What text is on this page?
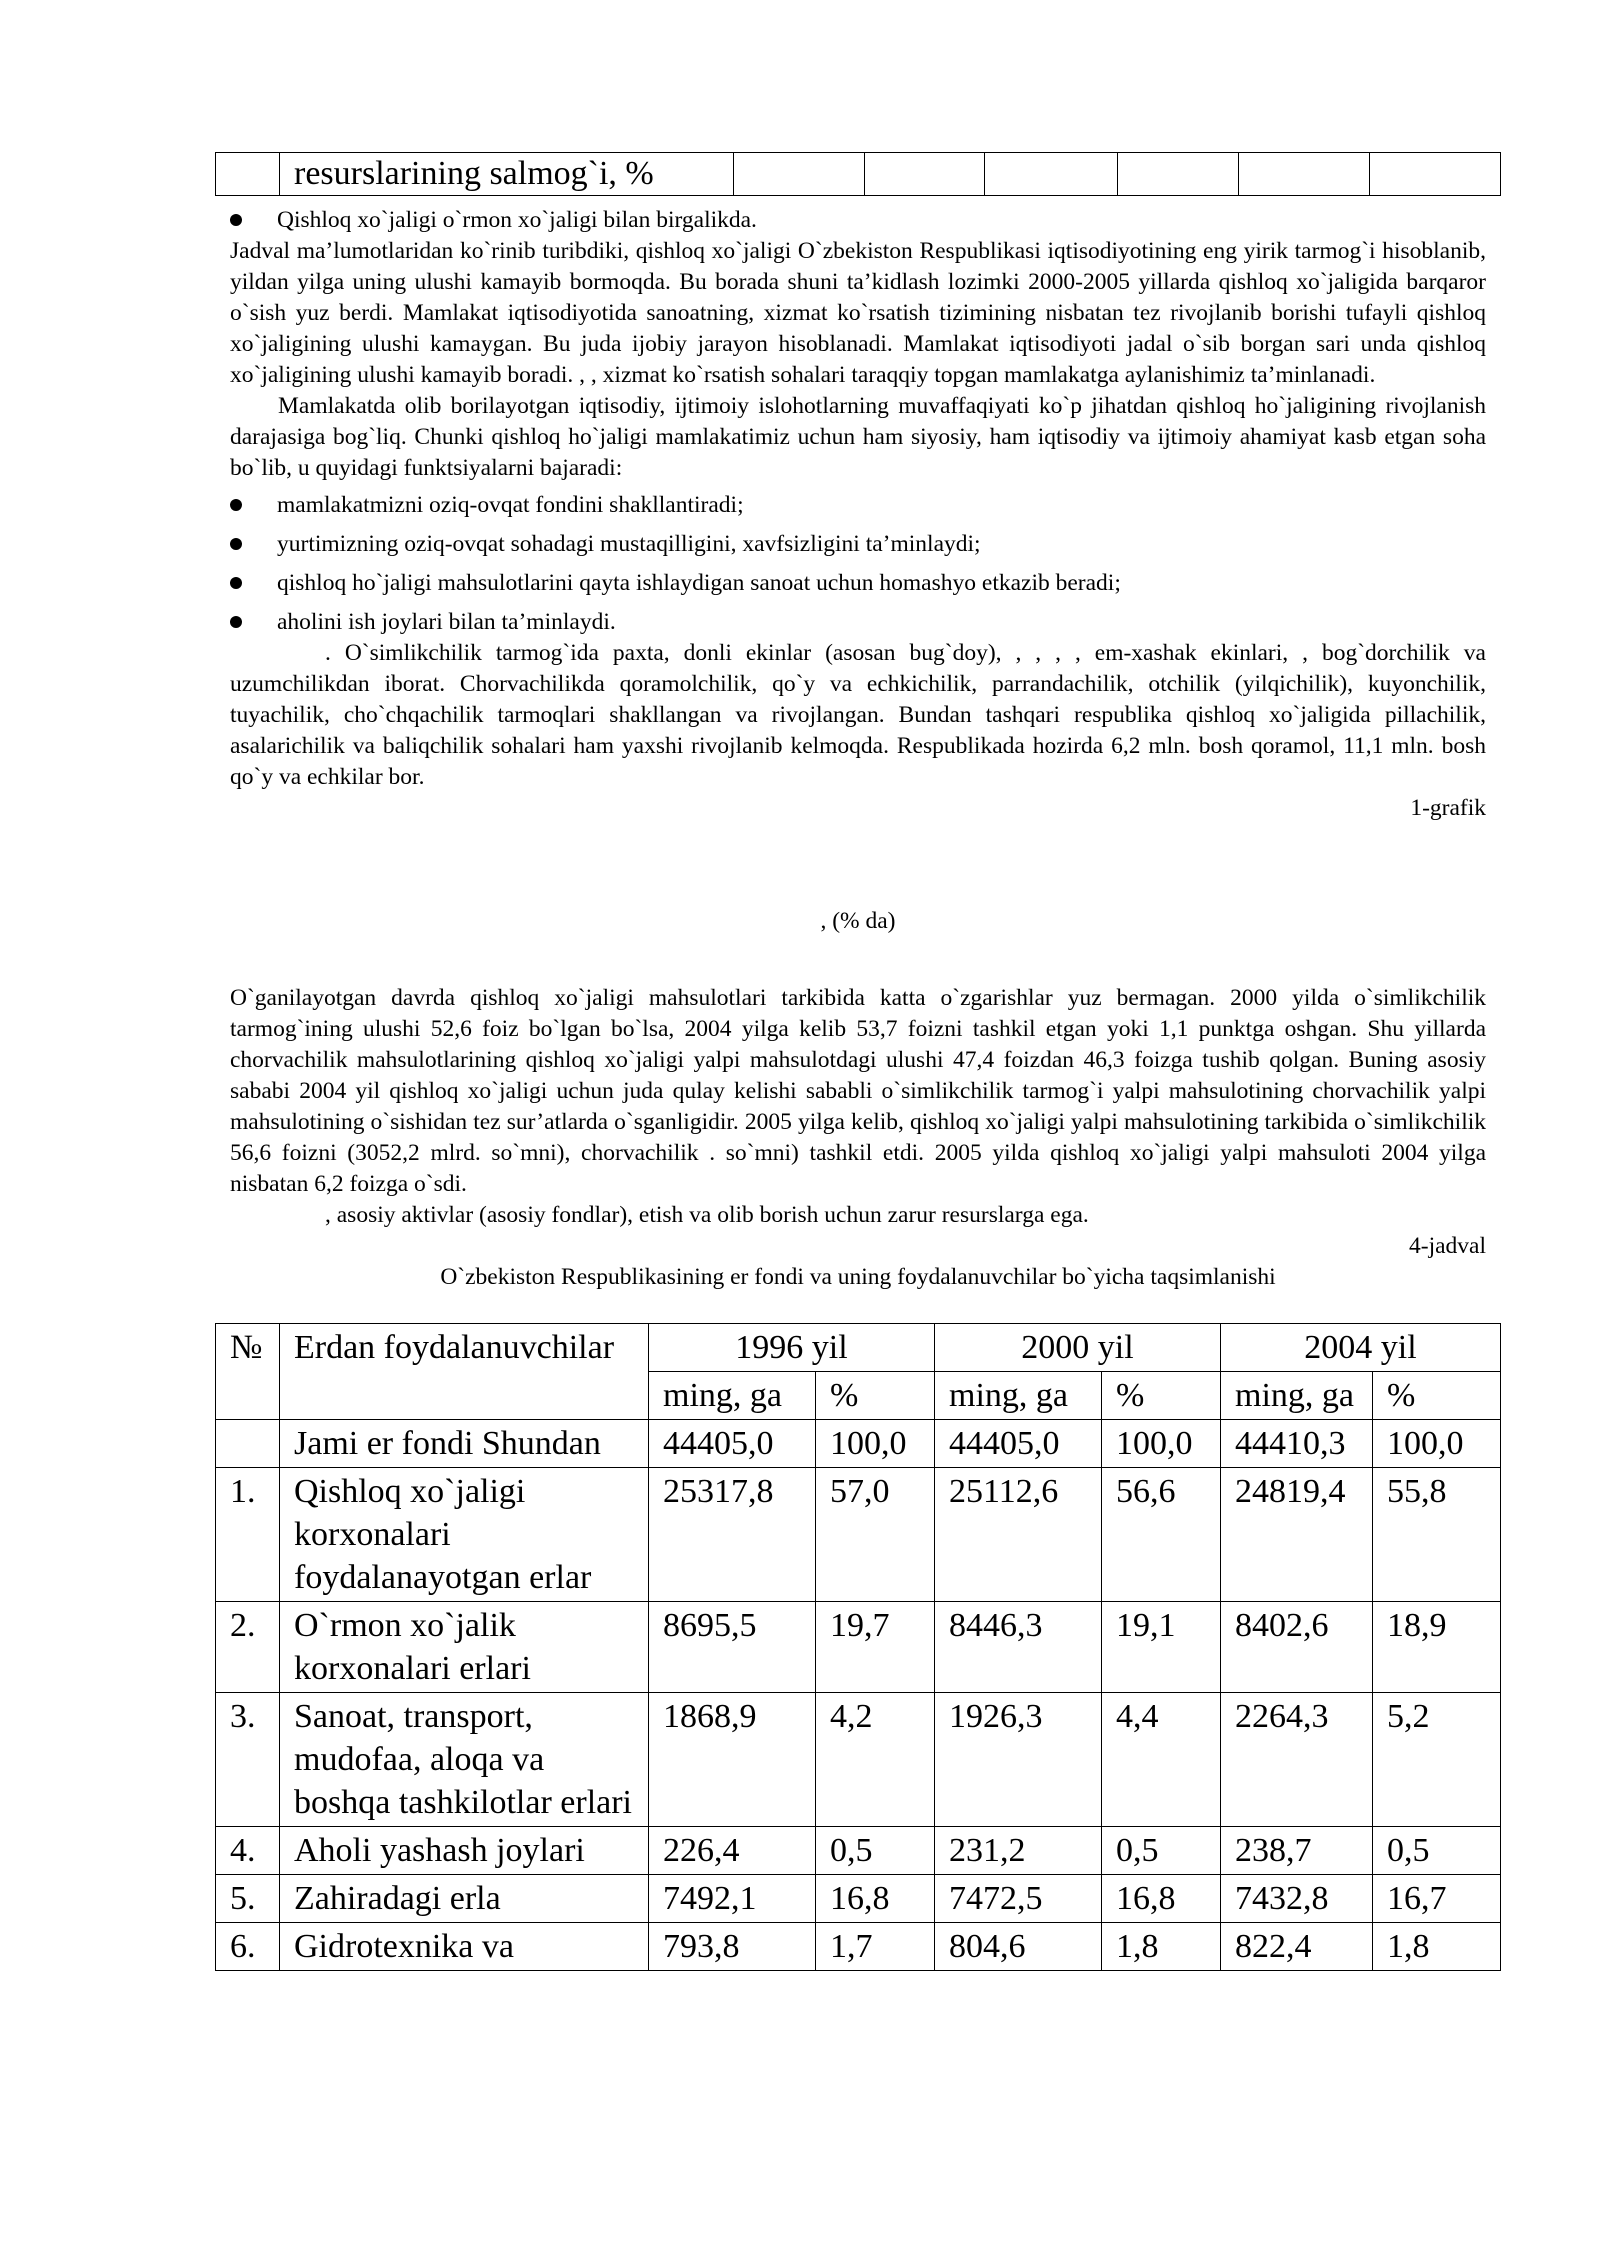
	resurslarining salmog`i, %						
Qishloq xo`jaligi o`rmon xo`jaligi bilan birgalikda.

Jadval ma’lumotlaridan ko`rinib turibdiki, qishloq xo`jaligi O`zbekiston Respublikasi iqtisodiyotining eng yirik tarmog`i hisoblanib, yildan yilga uning ulushi kamayib bormoqda. Bu borada shuni ta’kidlash lozimki 2000-2005 yillarda qishloq xo`jaligida barqaror o`sish yuz berdi. Mamlakat iqtisodiyotida sanoatning, xizmat ko`rsatish tizimining nisbatan tez rivojlanib borishi tufayli qishloq xo`jaligining ulushi kamaygan. Bu juda ijobiy jarayon hisoblanadi. Mamlakat iqtisodiyoti jadal o`sib borgan sari unda qishloq xo`jaligining ulushi kamayib boradi. , , xizmat ko`rsatish sohalari taraqqiy topgan mamlakatga aylanishimiz ta’minlanadi.

Mamlakatda olib borilayotgan iqtisodiy, ijtimoiy islohotlarning muvaffaqiyati ko`p jihatdan qishloq ho`jaligining rivojlanish darajasiga bog`liq. Chunki qishloq ho`jaligi mamlakatimiz uchun ham siyosiy, ham iqtisodiy va ijtimoiy ahamiyat kasb etgan soha bo`lib, u quyidagi funktsiyalarni bajaradi:

mamlakatmizni oziq-ovqat fondini shakllantiradi;
yurtimizning oziq-ovqat sohadagi mustaqilligini, xavfsizligini ta’minlaydi;
qishloq ho`jaligi mahsulotlarini qayta ishlaydigan sanoat uchun homashyo etkazib beradi;
aholini ish joylari bilan ta’minlaydi.

. O`simlikchilik tarmog`ida paxta, donli ekinlar (asosan bug`doy), , , , , em-xashak ekinlari, , bog`dorchilik va uzumchilikdan iborat. Chorvachilikda qoramolchilik, qo`y va echkichilik, parrandachilik, otchilik (yilqichilik), kuyonchilik, tuyachilik, cho`chqachilik tarmoqlari shakllangan va rivojlangan. Bundan tashqari respublika qishloq xo`jaligida pillachilik, asalarichilik va baliqchilik sohalari ham yaxshi rivojlanib kelmoqda. Respublikada hozirda 6,2 mln. bosh qoramol, 11,1 mln. bosh qo`y va echkilar bor.

1-grafik

, (% da)

O`ganilayotgan davrda qishloq xo`jaligi mahsulotlari tarkibida katta o`zgarishlar yuz bermagan. 2000 yilda o`simlikchilik tarmog`ining ulushi 52,6 foiz bo`lgan bo`lsa, 2004 yilga kelib 53,7 foizni tashkil etgan yoki 1,1 punktga oshgan. Shu yillarda chorvachilik mahsulotlarining qishloq xo`jaligi yalpi mahsulotdagi ulushi 47,4 foizdan 46,3 foizga tushib qolgan. Buning asosiy sababi 2004 yil qishloq xo`jaligi uchun juda qulay kelishi sababli o`simlikchilik tarmog`i yalpi mahsulotining chorvachilik yalpi mahsulotining o`sishidan tez sur’atlarda o`sganligidir. 2005 yilga kelib, qishloq xo`jaligi yalpi mahsulotining tarkibida o`simlikchilik 56,6 foizni (3052,2 mlrd. so`mni), chorvachilik . so`mni) tashkil etdi. 2005 yilda qishloq xo`jaligi yalpi mahsuloti 2004 yilga nisbatan 6,2 foizga o`sdi.

, asosiy aktivlar (asosiy fondlar), etish va olib borish uchun zarur resurslarga ega.

4-jadval

O`zbekiston Respublikasining er fondi va uning foydalanuvchilar bo`yicha taqsimlanishi

№	Erdan foydalanuvchilar	1996 yil		2000 yil		2004 yil	
		ming, ga	%	ming, ga	%	ming, ga	%
	Jami er fondi Shundan	44405,0	100,0	44405,0	100,0	44410,3	100,0
1.	Qishloq xo`jaligi korxonalari foydalanayotgan erlar	25317,8	57,0	25112,6	56,6	24819,4	55,8
2.	O`rmon xo`jalik korxonalari erlari	8695,5	19,7	8446,3	19,1	8402,6	18,9
3.	Sanoat, transport, mudofaa, aloqa va boshqa tashkilotlar erlari	1868,9	4,2	1926,3	4,4	2264,3	5,2
4.	Aholi yashash joylari	226,4	0,5	231,2	0,5	238,7	0,5
5.	Zahiradagi erla	7492,1	16,8	7472,5	16,8	7432,8	16,7
6.	Gidrotexnika va	793,8	1,7	804,6	1,8	822,4	1,8
